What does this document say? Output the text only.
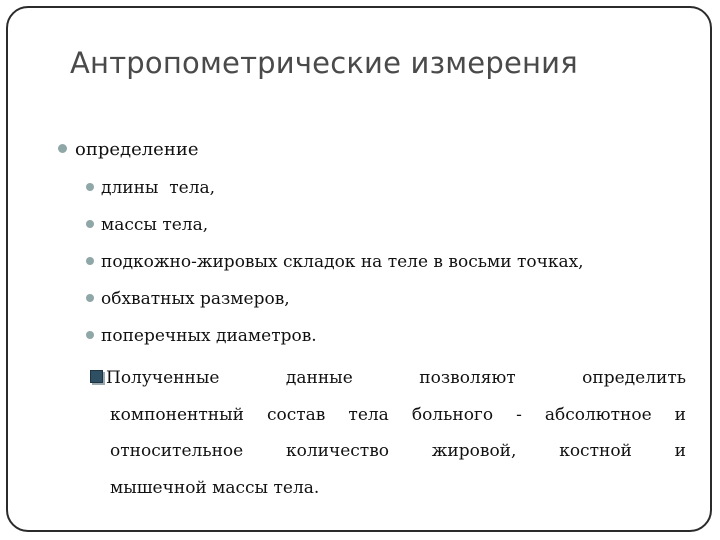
Антропометрические измерения
определение
длины  тела,
массы тела,
подкожно-жировых складок на теле в восьми точках,
обхватных размеров,
поперечных диаметров.
Полученные данные позволяют определить
компонентный состав тела больного - абсолютное и
относительное количество жировой, костной и
мышечной массы тела.
